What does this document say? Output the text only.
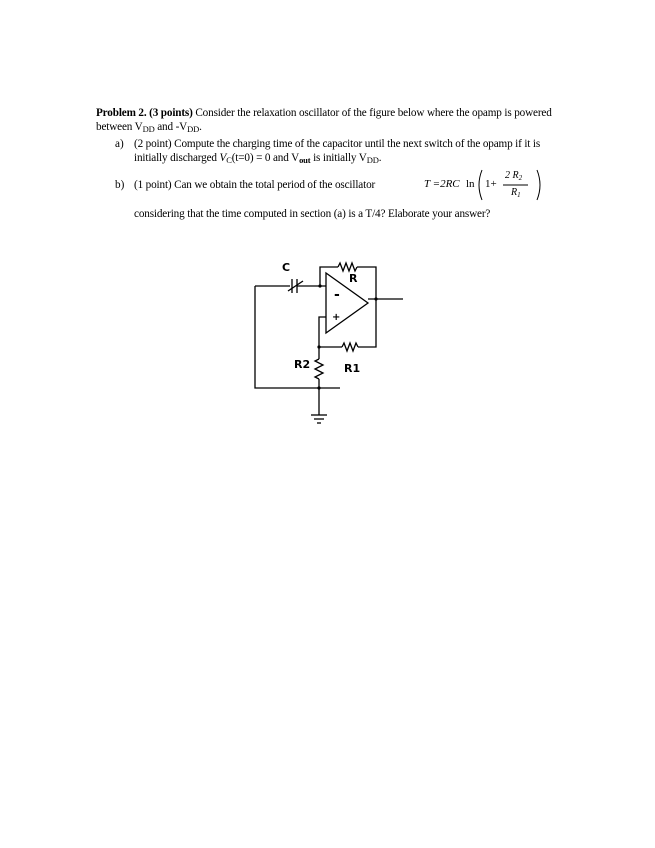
Problem 2. (3 points) Consider the relaxation oscillator of the figure below where the opamp is powered between $V_{DD}$ and $-V_{DD}$.
a) (2 point) Compute the charging time of the capacitor until the next switch of the opamp if it is initially discharged $V_C(t=0) = 0$ and $V_{out}$ is initially $V_{DD}$.
b) (1 point) Can we obtain the total period of the oscillator	T =2RC ln 1+
2 $R_2$
$R_1$
considering that the time computed in section (a) is a T/4? Elaborate your answer?
C
R
R2	R1
-
+
